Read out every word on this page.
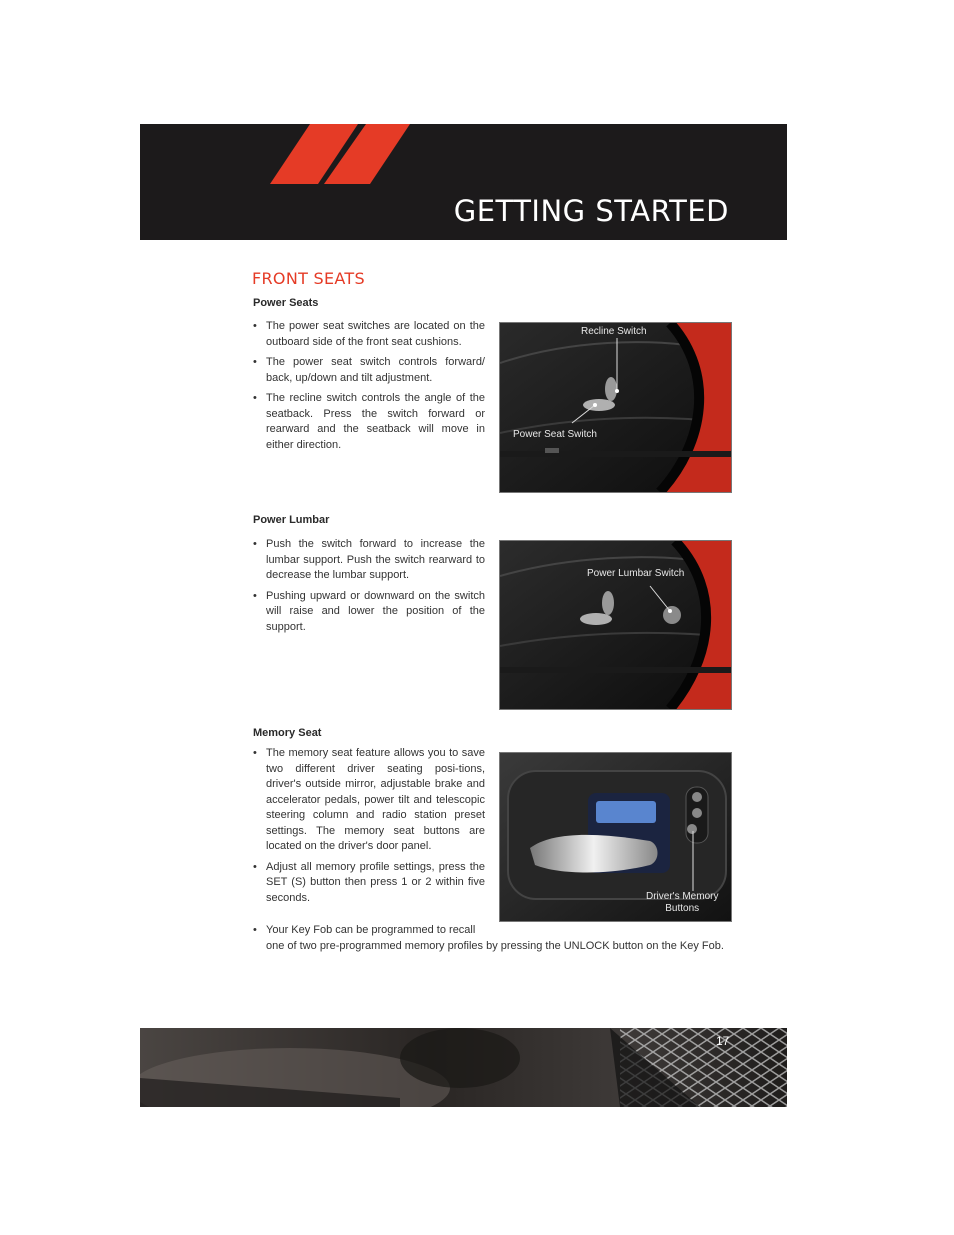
GETTING STARTED
FRONT SEATS
Power Seats
• The power seat switches are located on the outboard side of the front seat cushions.
• The power seat switch controls forward/ back, up/down and tilt adjustment.
• The recline switch controls the angle of the seatback. Press the switch forward or rearward and the seatback will move in either direction.
Recline Switch
Power Seat Switch
Power Lumbar
• Push the switch forward to increase the lumbar support. Push the switch rearward to decrease the lumbar support.
• Pushing upward or downward on the switch will raise and lower the position of the support.
Power Lumbar Switch
Memory Seat
• The memory seat feature allows you to save two different driver seating posi-tions, driver's outside mirror, adjustable brake and accelerator pedals, power tilt and telescopic steering column and radio station preset settings. The memory seat buttons are located on the driver's door panel.
• Adjust all memory profile settings, press the SET (S) button then press 1 or 2 within five seconds.	Driver's Memory
Buttons
• Your Key Fob can be programmed to recall
one of two pre-programmed memory profiles by pressing the UNLOCK button on the Key Fob.
17
